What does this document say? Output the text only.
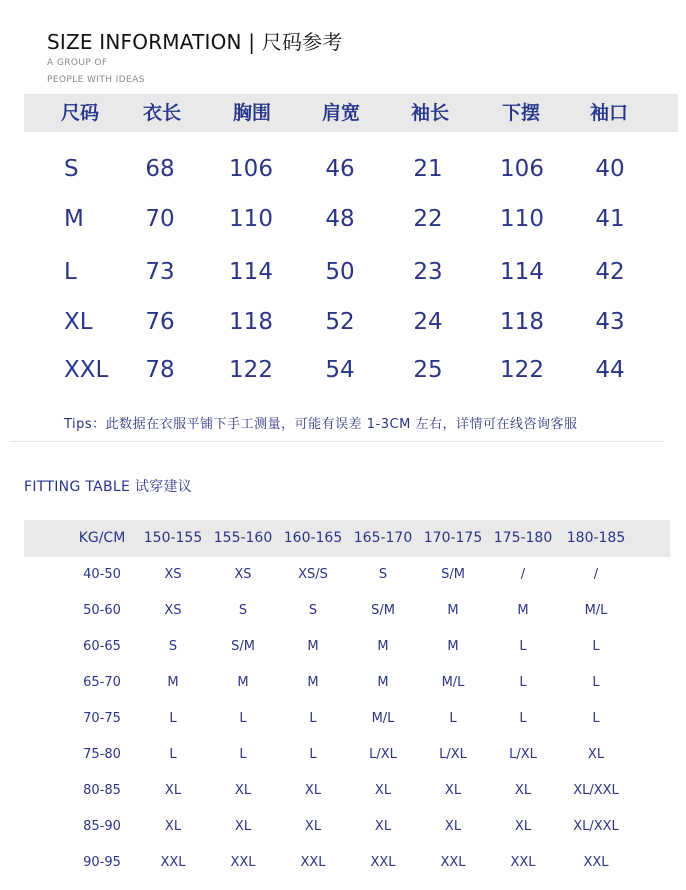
SIZE INFORMATION | 尺码参考
A GROUP OF
PEOPLE WITH IDEAS
尺码	衣长	胸围	肩宽	袖长	下摆	袖口
S	68	106	46	21	106	40
M	70	110	48	22	110	41
L	73	114	50	23	114	42
XL	76	118	52	24	118	43
XXL	78	122	54	25	122	44
Tips：此数据在衣服平铺下手工测量，可能有误差 1-3CM 左右，详情可在线咨询客服
FITTING TABLE 试穿建议
KG/CM	150-155 155-160 160-165 165-170 170-175 175-180	180-185
40-50	XS	XS	XS/S	S	S/M	/	/
50-60	XS	S	S	S/M	M	M	M/L
60-65	S	S/M	M	M	M	L	L
65-70	M	M	M	M	M/L	L	L
70-75	L	L	L	M/L	L	L	L
75-80	L	L	L	L/XL	L/XL	L/XL	XL
80-85	XL	XL	XL	XL	XL	XL	XL/XXL
85-90	XL	XL	XL	XL	XL	XL	XL/XXL
90-95	XXL	XXL	XXL	XXL	XXL	XXL	XXL
